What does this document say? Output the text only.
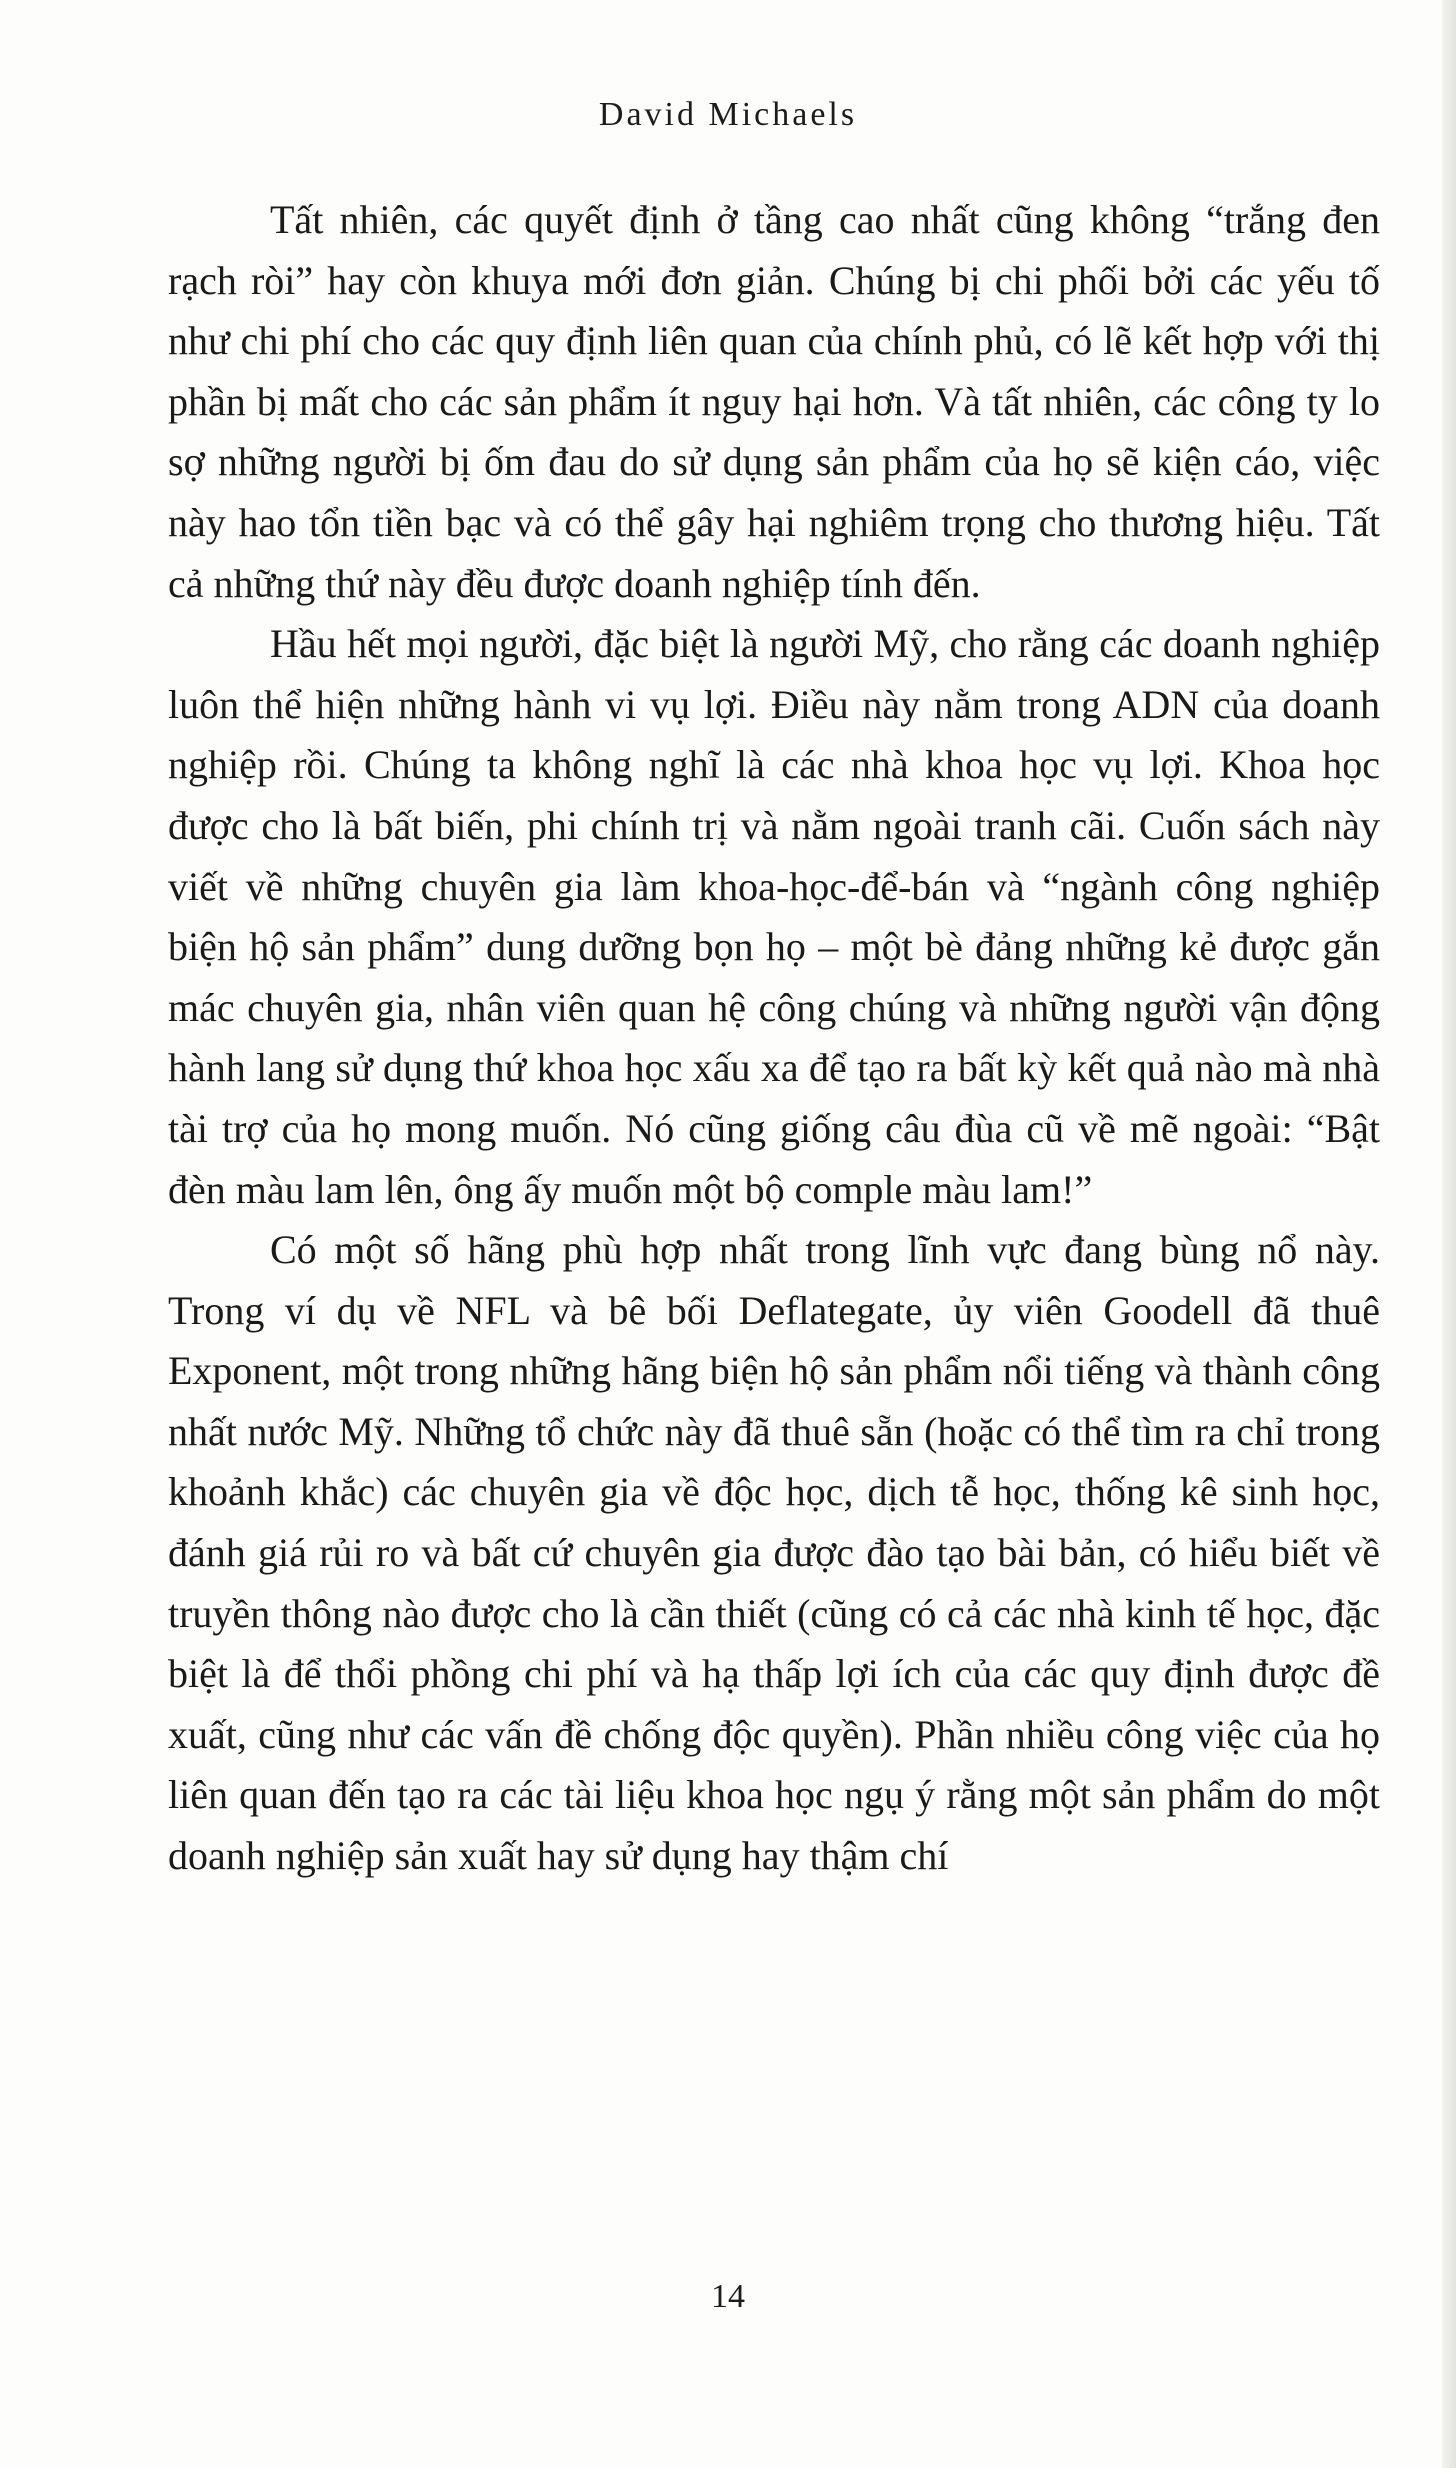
David Michaels

Tất nhiên, các quyết định ở tầng cao nhất cũng không “trắng đen rạch ròi” hay còn khuya mới đơn giản. Chúng bị chi phối bởi các yếu tố như chi phí cho các quy định liên quan của chính phủ, có lẽ kết hợp với thị phần bị mất cho các sản phẩm ít nguy hại hơn. Và tất nhiên, các công ty lo sợ những người bị ốm đau do sử dụng sản phẩm của họ sẽ kiện cáo, việc này hao tổn tiền bạc và có thể gây hại nghiêm trọng cho thương hiệu. Tất cả những thứ này đều được doanh nghiệp tính đến.

Hầu hết mọi người, đặc biệt là người Mỹ, cho rằng các doanh nghiệp luôn thể hiện những hành vi vụ lợi. Điều này nằm trong ADN của doanh nghiệp rồi. Chúng ta không nghĩ là các nhà khoa học vụ lợi. Khoa học được cho là bất biến, phi chính trị và nằm ngoài tranh cãi. Cuốn sách này viết về những chuyên gia làm khoa-học-để-bán và “ngành công nghiệp biện hộ sản phẩm” dung dưỡng bọn họ – một bè đảng những kẻ được gắn mác chuyên gia, nhân viên quan hệ công chúng và những người vận động hành lang sử dụng thứ khoa học xấu xa để tạo ra bất kỳ kết quả nào mà nhà tài trợ của họ mong muốn. Nó cũng giống câu đùa cũ về mẽ ngoài: “Bật đèn màu lam lên, ông ấy muốn một bộ comple màu lam!”

Có một số hãng phù hợp nhất trong lĩnh vực đang bùng nổ này. Trong ví dụ về NFL và bê bối Deflategate, ủy viên Goodell đã thuê Exponent, một trong những hãng biện hộ sản phẩm nổi tiếng và thành công nhất nước Mỹ. Những tổ chức này đã thuê sẵn (hoặc có thể tìm ra chỉ trong khoảnh khắc) các chuyên gia về độc học, dịch tễ học, thống kê sinh học, đánh giá rủi ro và bất cứ chuyên gia được đào tạo bài bản, có hiểu biết về truyền thông nào được cho là cần thiết (cũng có cả các nhà kinh tế học, đặc biệt là để thổi phồng chi phí và hạ thấp lợi ích của các quy định được đề xuất, cũng như các vấn đề chống độc quyền). Phần nhiều công việc của họ liên quan đến tạo ra các tài liệu khoa học ngụ ý rằng một sản phẩm do một doanh nghiệp sản xuất hay sử dụng hay thậm chí

14
